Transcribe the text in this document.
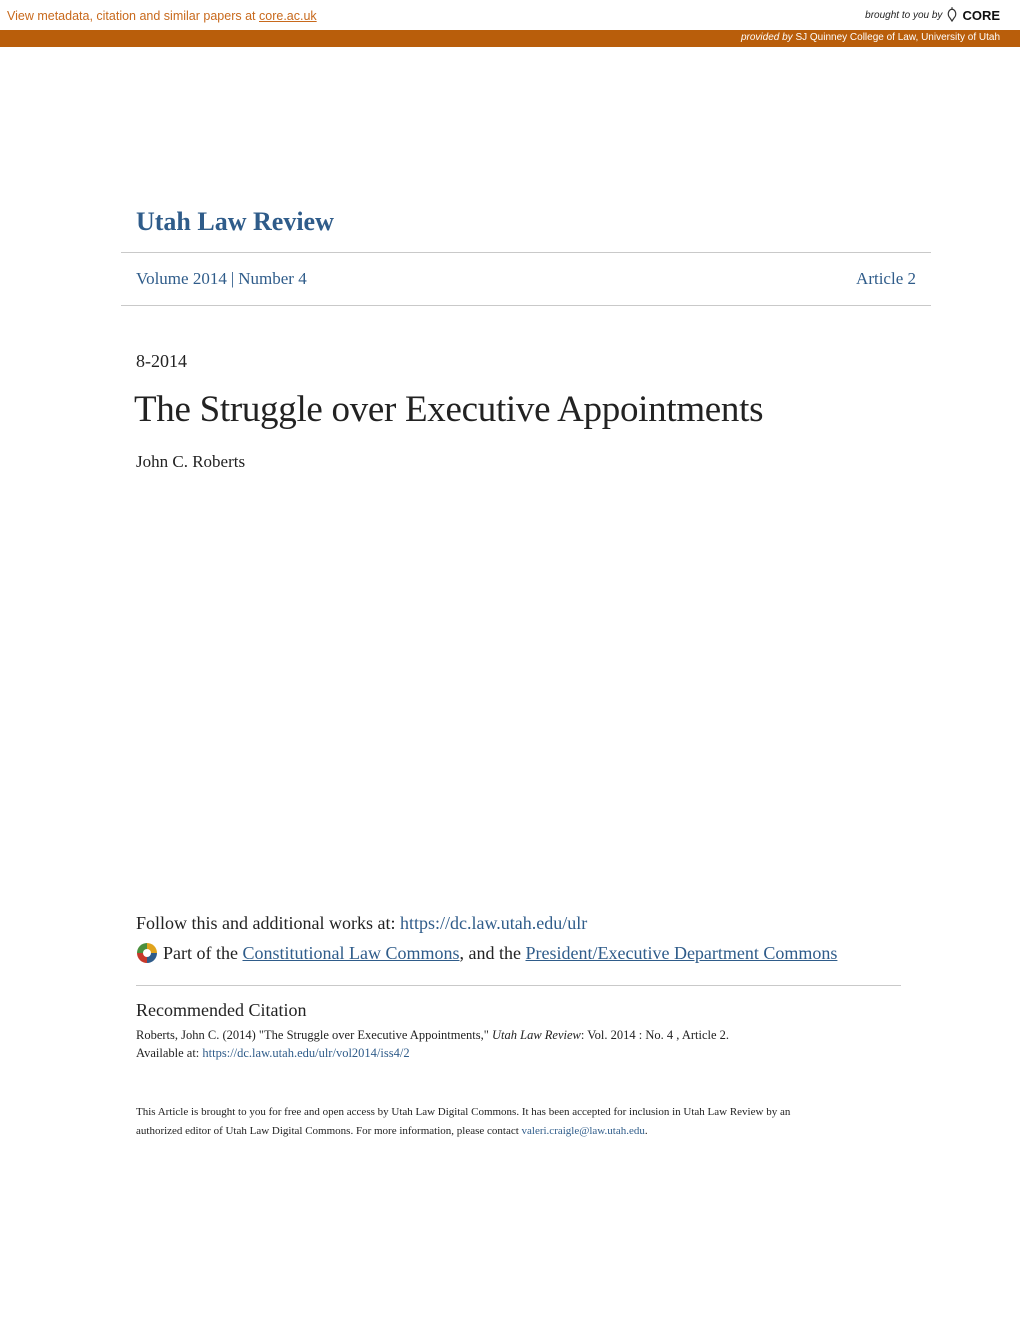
View metadata, citation and similar papers at core.ac.uk	brought to you by CORE
provided by SJ Quinney College of Law, University of Utah
Utah Law Review
Volume 2014 | Number 4	Article 2
8-2014
The Struggle over Executive Appointments
John C. Roberts
Follow this and additional works at: https://dc.law.utah.edu/ulr
Part of the
Constitutional Law Commons , and the
President/Executive Department Commons
Recommended Citation
Roberts, John C. (2014) "The Struggle over Executive Appointments," Utah Law Review: Vol. 2014 : No. 4 , Article 2.
Available at: https://dc.law.utah.edu/ulr/vol2014/iss4/2
This Article is brought to you for free and open access by Utah Law Digital Commons. It has been accepted for inclusion in Utah Law Review by an
authorized editor of Utah Law Digital Commons. For more information, please contact valeri.craigle@law.utah.edu.
